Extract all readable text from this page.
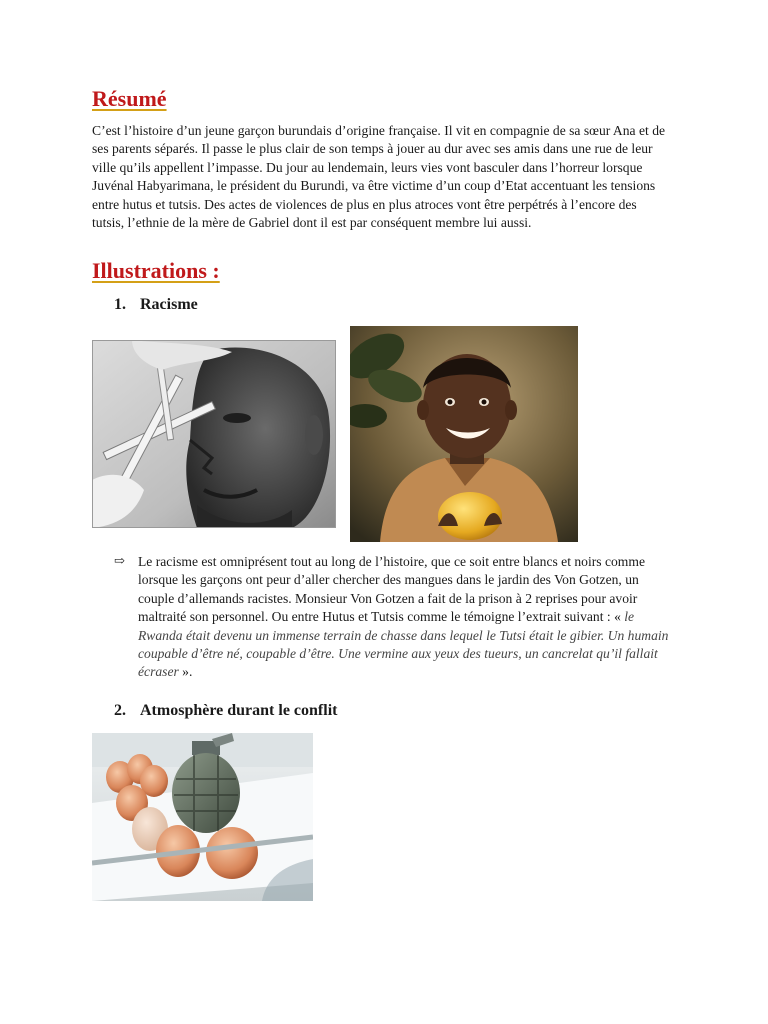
Résumé

C’est l’histoire d’un jeune garçon burundais d’origine française. Il vit en compagnie de sa sœur Ana et de ses parents séparés. Il passe le plus clair de son temps à jouer au dur avec ses amis dans une rue de leur ville qu’ils appellent l’impasse. Du jour au lendemain, leurs vies vont basculer dans l’horreur lorsque Juvénal Habyarimana, le président du Burundi, va être victime d’un coup d’Etat accentuant les tensions entre hutus et tutsis. Des actes de violences de plus en plus atroces vont être perpétrés à l’encore des tutsis, l’ethnie de la mère de Gabriel dont il est par conséquent membre lui aussi.

Illustrations :
1. Racisme
⇨ Le racisme est omniprésent tout au long de l’histoire, que ce soit entre blancs et noirs comme lorsque les garçons ont peur d’aller chercher des mangues dans le jardin des Von Gotzen, un couple d’allemands racistes. Monsieur Von Gotzen a fait de la prison à 2 reprises pour avoir maltraité son personnel. Ou entre Hutus et Tutsis comme le témoigne l’extrait suivant : « le Rwanda était devenu un immense terrain de chasse dans lequel le Tutsi était le gibier. Un humain coupable d’être né, coupable d’être. Une vermine aux yeux des tueurs, un cancrelat qu’il fallait écraser ».

2. Atmosphère durant le conflit
